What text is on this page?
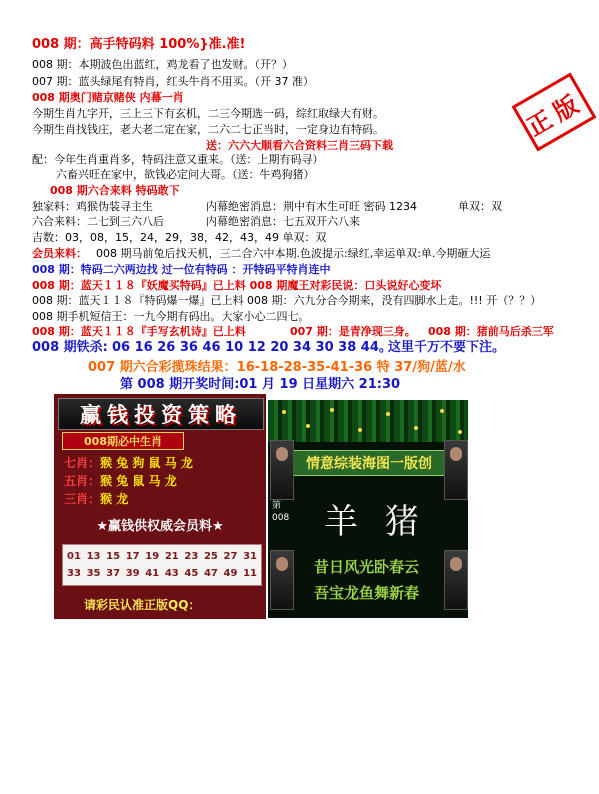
008 期：高手特码料 100%}准.准!
008 期：本期波色出蓝红，鸡龙看了也发财。（开？）
007 期：蓝头绿尾有特肖，红头牛肖不用买。（开 37 准）
008 期奥门赌京赌侠 内幕一肖
今期生肖九字开，三上三下有玄机，二三今期选一码，综红取绿大有财。
今期生肖找钱庄，老大老二定在家，二六二七正当时，一定身边有特码。
送：六六大顺看六合资料三肖三码下载
配：今年生肖重肖多，特码注意又重来。（送：上期有码寻）
六畜兴旺在家中，欲钱必定问大哥。（送：牛鸡狗猪）
008 期六合来料 特码敢下
独家料：鸡猴伪装寻主生	内幕绝密消息：荆中有木生可旺 密码 1234	单双：双
六合来料：二七到三六八后	内幕绝密消息：七五双开六八来
吉数：03，08，15，24，29，38，42，43，49 单双：双
会员来料： 008 期马前兔后找天机，三二合六中本期.色波提示:绿红,幸运单双:单.今期砸大运
008 期：特码二六两边找 过一位有特码 ：开特码平特肖连中
008 期：蓝天１１８『妖魔买特码』已上料 008 期魔王对彩民说：口头说好心变坏
008 期：蓝天１１８『特码爆一爆』已上料 008 期：六九分合今期来，没有四脚水上走。!!! 开（？？）
008 期手机短信王：一九今期有码出。大家小心二四七。
008 期：蓝天１１８『手写玄机诗』已上料	007 期：是青净现三身。 008 期：猪前马后杀三军
008 期铁杀: 06 16 26 36 46 10 12 20 34 30 38 44。
这里千万不要下注。
007 期六合彩揽珠结果：16-18-28-35-41-36 特 37/狗/蓝/水
第 008 期开奖时间:01 月 19 日星期六 21:30
正版
赢钱投资策略
008期必中生肖
七肖：猴 兔 狗 鼠 马 龙
五肖：猴 兔 鼠 马 龙
三肖：猴 龙
★赢钱供权威会员料★
01 13 15 17 19 21 23 25 27 31
33 35 37 39 41 43 45 47 49 11
请彩民认准正版QQ：
情意综装海图一版创
第008 羊 猪
昔日风光卧春云
吾宝龙鱼舞新春
